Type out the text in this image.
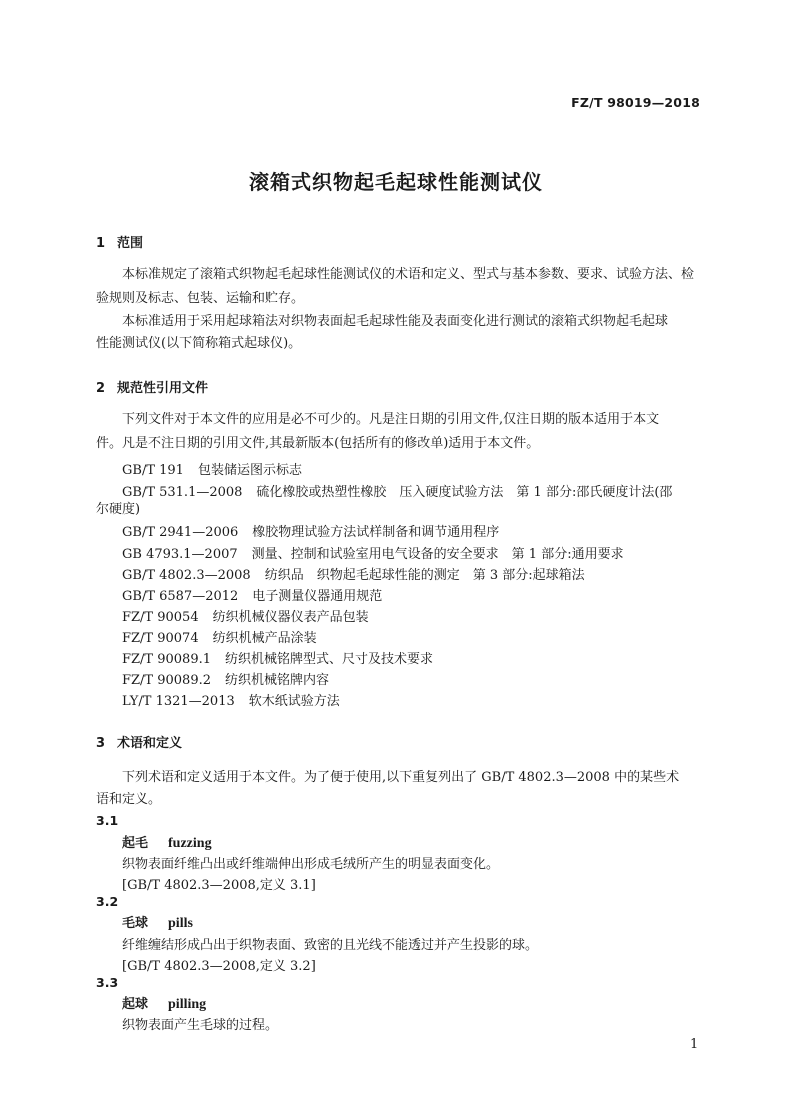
FZ/T 98019—2018
滚箱式织物起毛起球性能测试仪
1 范围
本标准规定了滚箱式织物起毛起球性能测试仪的术语和定义、型式与基本参数、要求、试验方法、检
验规则及标志、包装、运输和贮存。
本标准适用于采用起球箱法对织物表面起毛起球性能及表面变化进行测试的滚箱式织物起毛起球
性能测试仪(以下简称箱式起球仪)。
2 规范性引用文件
下列文件对于本文件的应用是必不可少的。凡是注日期的引用文件,仅注日期的版本适用于本文
件。凡是不注日期的引用文件,其最新版本(包括所有的修改单)适用于本文件。
GB/T 191 包装储运图示标志
GB/T 531.1—2008 硫化橡胶或热塑性橡胶　压入硬度试验方法　第 1 部分:邵氏硬度计法(邵
尔硬度)
GB/T 2941—2006 橡胶物理试验方法试样制备和调节通用程序
GB 4793.1—2007 测量、控制和试验室用电气设备的安全要求　第 1 部分:通用要求
GB/T 4802.3—2008 纺织品　织物起毛起球性能的测定　第 3 部分:起球箱法
GB/T 6587—2012 电子测量仪器通用规范
FZ/T 90054 纺织机械仪器仪表产品包装
FZ/T 90074 纺织机械产品涂装
FZ/T 90089.1 纺织机械铭牌型式、尺寸及技术要求
FZ/T 90089.2 纺织机械铭牌内容
LY/T 1321—2013 软木纸试验方法
3 术语和定义
下列术语和定义适用于本文件。为了便于使用,以下重复列出了 GB/T 4802.3—2008 中的某些术
语和定义。
3.1
起毛 fuzzing
织物表面纤维凸出或纤维端伸出形成毛绒所产生的明显表面变化。
[GB/T 4802.3—2008,定义 3.1]
3.2
毛球 pills
纤维缠结形成凸出于织物表面、致密的且光线不能透过并产生投影的球。
[GB/T 4802.3—2008,定义 3.2]
3.3
起球 pilling
织物表面产生毛球的过程。
1
